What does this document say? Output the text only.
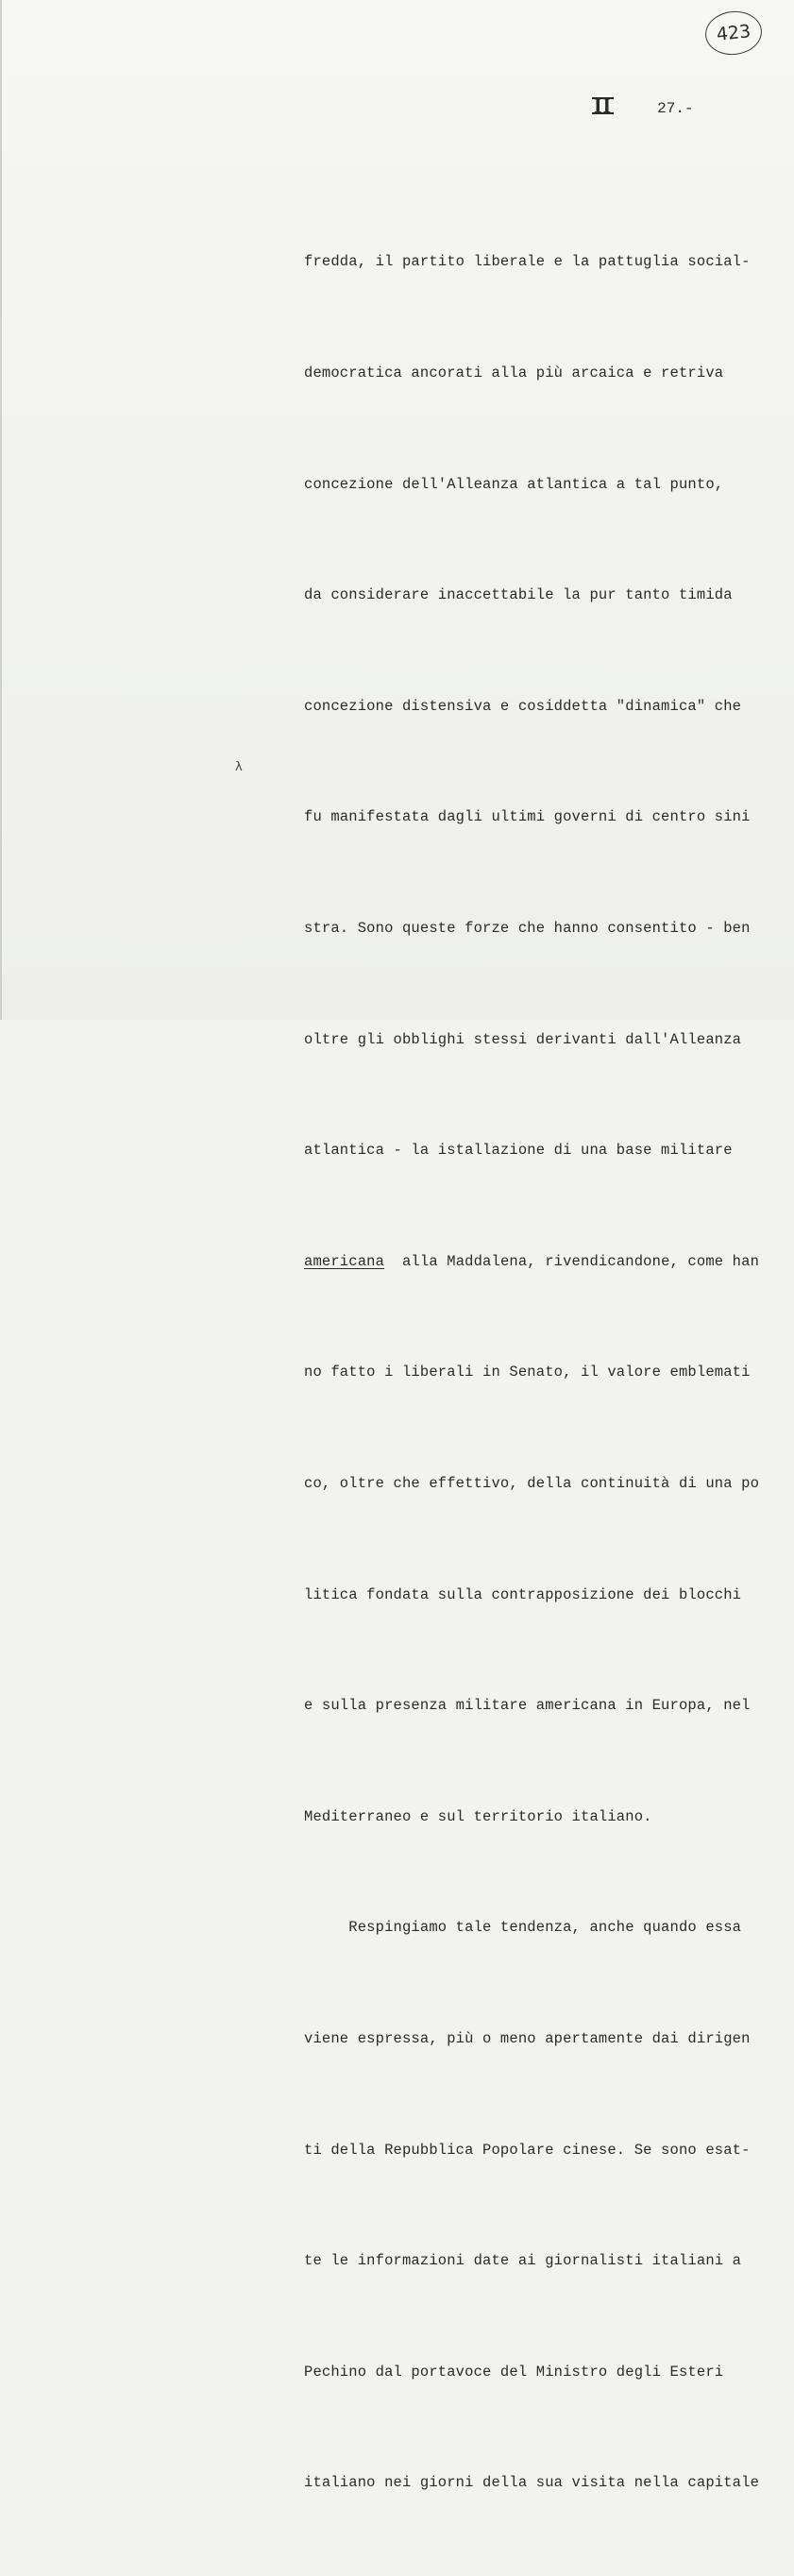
423
II	27.-
λ

fredda, il partito liberale e la pattuglia social-

democratica ancorati alla più arcaica e retriva

concezione dell'Alleanza atlantica a tal punto,

da considerare inaccettabile la pur tanto timida

concezione distensiva e cosiddetta "dinamica" che

fu manifestata dagli ultimi governi di centro sini

stra. Sono queste forze che hanno consentito - ben

oltre gli obblighi stessi derivanti dall'Alleanza

atlantica - la istallazione di una base militare

americana  alla Maddalena, rivendicandone, come han

no fatto i liberali in Senato, il valore emblemati

co, oltre che effettivo, della continuità di una po

litica fondata sulla contrapposizione dei blocchi

e sulla presenza militare americana in Europa, nel

Mediterraneo e sul territorio italiano.

Respingiamo tale tendenza, anche quando essa

viene espressa, più o meno apertamente dai dirigen

ti della Repubblica Popolare cinese. Se sono esat-

te le informazioni date ai giornalisti italiani a

Pechino dal portavoce del Ministro degli Esteri

italiano nei giorni della sua visita nella capitale
